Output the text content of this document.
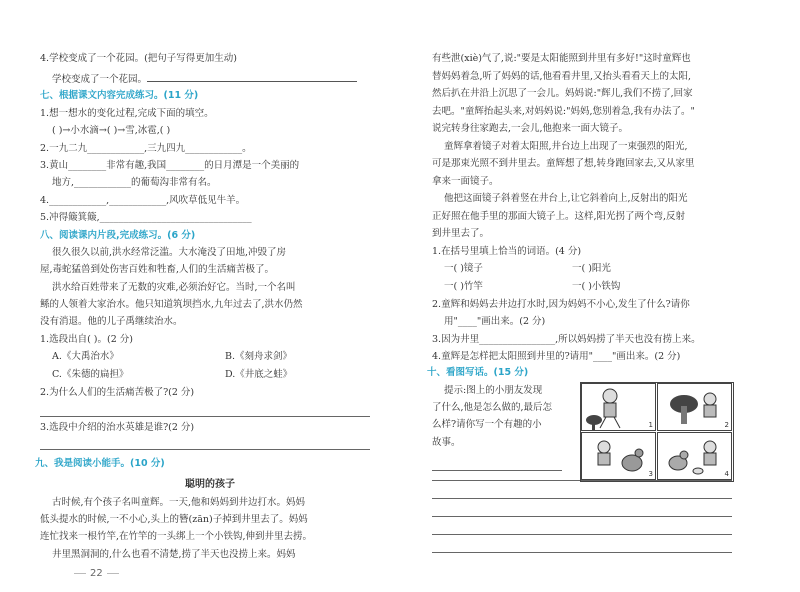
4.学校变成了一个花园。(把句子写得更加生动)
学校变成了一个花园。
七、根据课文内容完成练习。(11 分)
1.想一想水的变化过程,完成下面的填空。
( )→小水滴→( )→雪,冰雹,( )
2.一九二九____________,三九四九____________。
3.黄山________非常有趣,我国________的日月潭是一个美丽的
地方,____________的葡萄沟非常有名。
4.____________,____________,风吹草低见牛羊。
5.冲得簸箕簸,________________________________
八、阅读课内片段,完成练习。(6 分)
很久很久以前,洪水经常泛滥。大水淹没了田地,冲毁了房
屋,毒蛇猛兽到处伤害百姓和牲畜,人们的生活痛苦极了。
洪水给百姓带来了无数的灾难,必须治好它。当时,一个名叫
鲧的人领着大家治水。他只知道筑坝挡水,九年过去了,洪水仍然
没有消退。他的儿子禹继续治水。
1.选段出自( )。(2 分)
A.《大禹治水》	B.《刻舟求剑》
C.《朱德的扁担》	D.《井底之蛙》
2.为什么人们的生活痛苦极了?(2 分)
3.选段中介绍的治水英雄是谁?(2 分)
九、我是阅读小能手。(10 分)
聪明的孩子
古时候,有个孩子名叫童辉。一天,他和妈妈到井边打水。妈妈
低头提水的时候,一不小心,头上的簪(zān)子掉到井里去了。妈妈
连忙找来一根竹竿,在竹竿的一头绑上一个小铁钩,伸到井里去捞。
井里黑洞洞的,什么也看不清楚,捞了半天也没捞上来。妈妈
22
有些泄(xiè)气了,说:"要是太阳能照到井里有多好!"这时童辉也
替妈妈着急,听了妈妈的话,他看看井里,又抬头看看天上的太阳,
然后扒在井沿上沉思了一会儿。妈妈说:"辉儿,我们不捞了,回家
去吧。"童辉抬起头来,对妈妈说:"妈妈,您别着急,我有办法了。"
说完转身往家跑去,一会儿,他抱来一面大镜子。
童辉拿着镜子对着太阳照,井台边上出现了一束强烈的阳光,
可是那束光照不到井里去。童辉想了想,转身跑回家去,又从家里
拿来一面镜子。
他把这面镜子斜着竖在井台上,让它斜着向上,反射出的阳光
正好照在他手里的那面大镜子上。这样,阳光拐了两个弯,反射
到井里去了。
1.在括号里填上恰当的词语。(4 分)
一( )镜子	一( )阳光
一( )竹竿	一( )小铁钩
2.童辉和妈妈去井边打水时,因为妈妈不小心,发生了什么?请你
用"____"画出来。(2 分)
3.因为井里________________,所以妈妈捞了半天也没有捞上来。
4.童辉是怎样把太阳照到井里的?请用"____"画出来。(2 分)
十、看图写话。(15 分)
提示:图上的小朋友发现
了什么,他是怎么做的,最后怎
么样?请你写一个有趣的小
故事。
1	2
3	4
